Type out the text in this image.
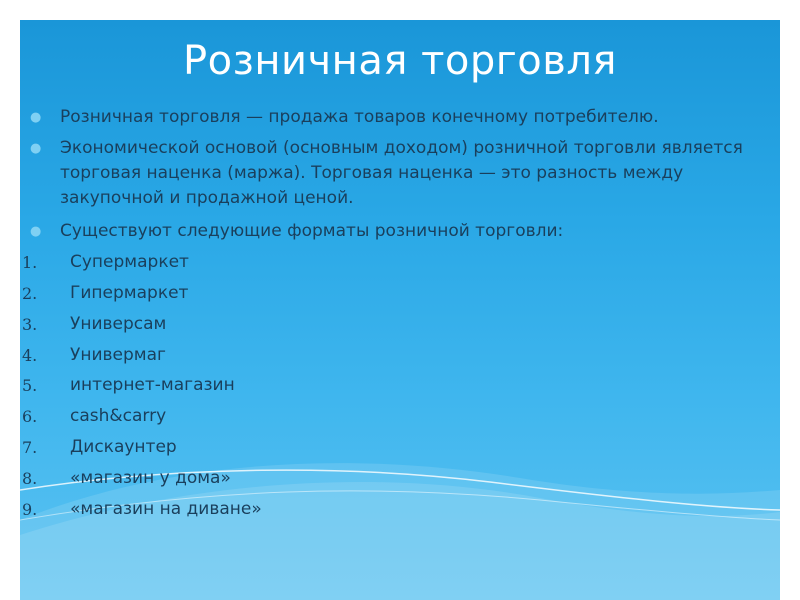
Розничная торговля
● Розничная торговля — продажа товаров конечному потребителю.
● Экономической основой (основным доходом) розничной торговли является торговая наценка (маржа). Торговая наценка — это разность между закупочной и продажной ценой.
● Существуют следующие форматы розничной торговли:
1. Супермаркет
2. Гипермаркет
3. Универсам
4. Универмаг
5. интернет-магазин
6. cash&carry
7. Дискаунтер
8. «магазин у дома»
9. «магазин на диване»
